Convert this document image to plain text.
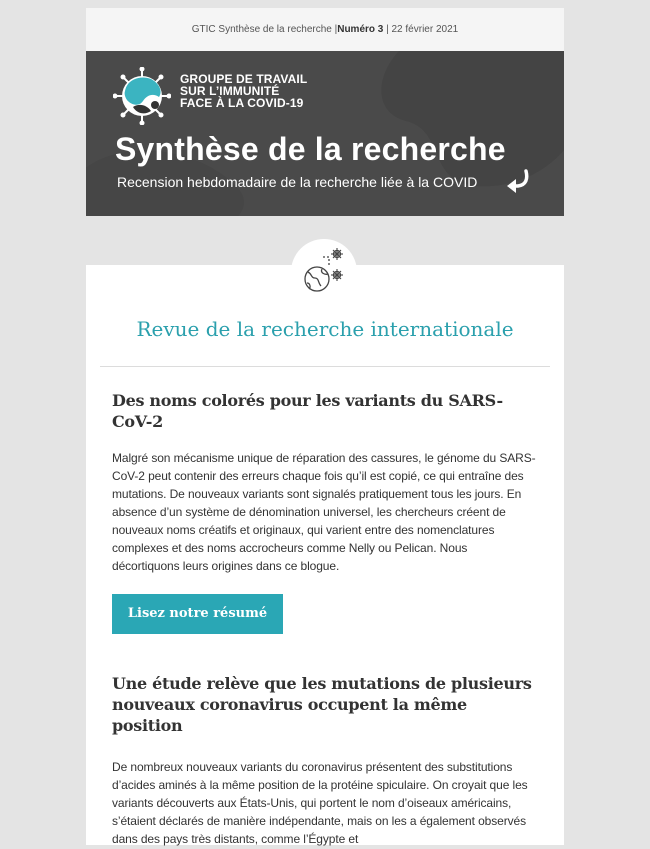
GTIC Synthèse de la recherche | Numéro 3 | 22 février 2021
GROUPE DE TRAVAIL
SUR L’IMMUNITÉ
FACE À LA COVID-19
Synthèse de la recherche
Recension hebdomadaire de la recherche liée à la COVID
Revue de la recherche internationale
Des noms colorés pour les variants du SARS-CoV-2

Malgré son mécanisme unique de réparation des cassures, le génome du SARS-CoV-2 peut contenir des erreurs chaque fois qu’il est copié, ce qui entraîne des mutations. De nouveaux variants sont signalés pratiquement tous les jours. En absence d’un système de dénomination universel, les chercheurs créent de nouveaux noms créatifs et originaux, qui varient entre des nomenclatures complexes et des noms accrocheurs comme Nelly ou Pelican. Nous décortiquons leurs origines dans ce blogue.

Lisez notre résumé
Une étude relève que les mutations de plusieurs nouveaux coronavirus occupent la même position

De nombreux nouveaux variants du coronavirus présentent des substitutions d’acides aminés à la même position de la protéine spiculaire. On croyait que les variants découverts aux États-Unis, qui portent le nom d’oiseaux américains, s’étaient déclarés de manière indépendante, mais on les a également observés dans des pays très distants, comme l’Égypte et
